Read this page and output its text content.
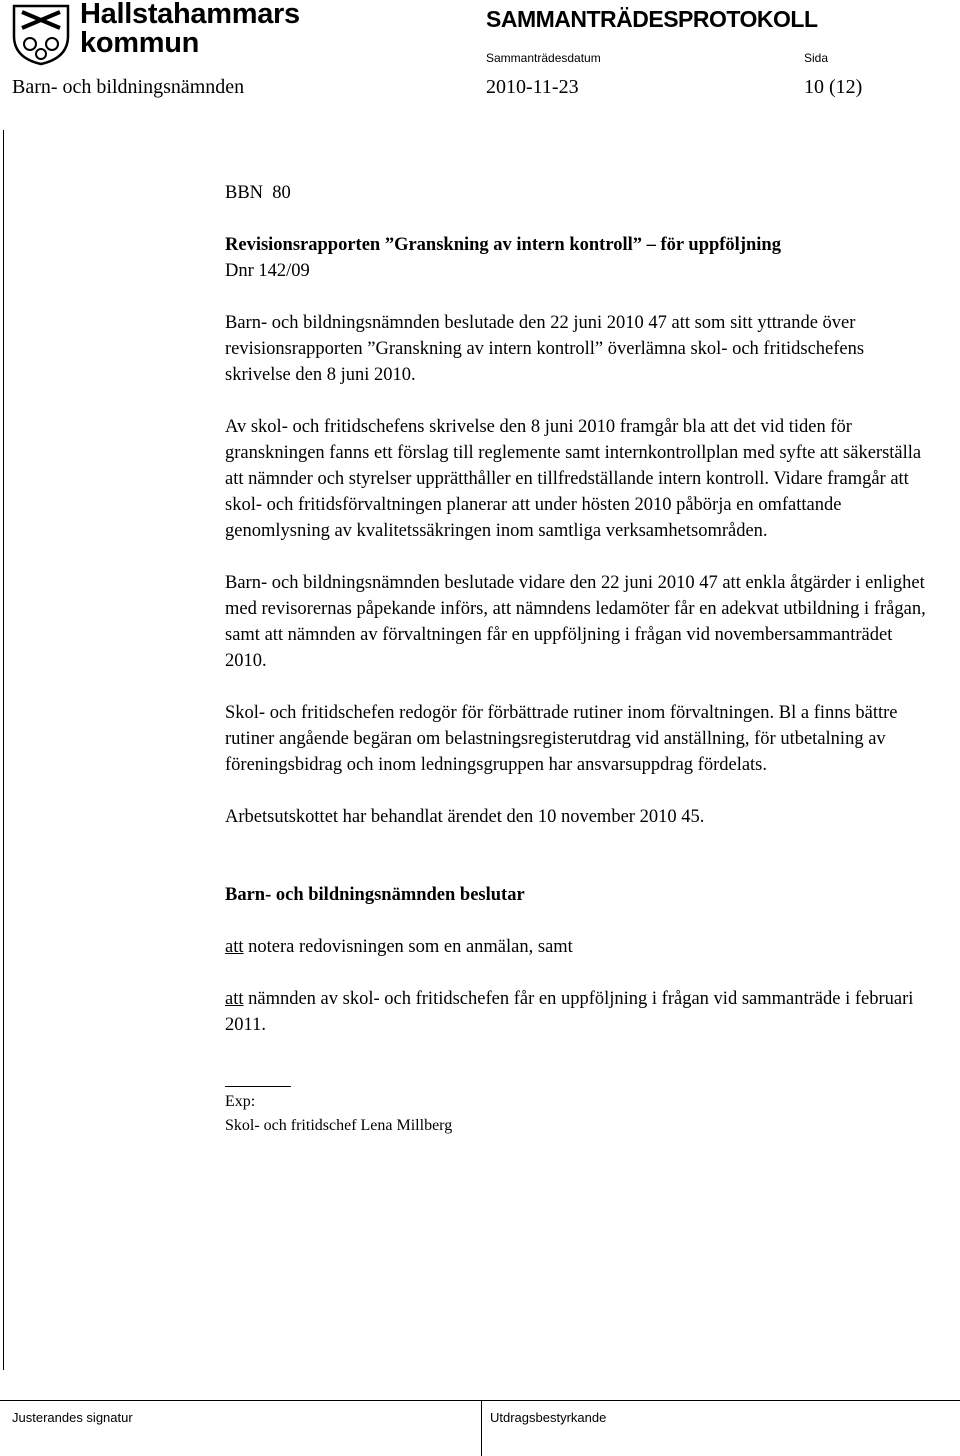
Hallstahammars
kommun
SAMMANTRÄDESPROTOKOLL
Sammanträdesdatum	Sida
Barn- och bildningsnämnden	2010-11-23	10 (12)

BBN  80

Revisionsrapporten ”Granskning av intern kontroll” – för uppföljning

Dnr 142/09

Barn- och bildningsnämnden beslutade den 22 juni 2010 47 att som sitt yttrande över revisionsrapporten ”Granskning av intern kontroll” överlämna skol- och fritidschefens skrivelse den 8 juni 2010.

Av skol- och fritidschefens skrivelse den 8 juni 2010 framgår bla att det vid tiden för granskningen fanns ett förslag till reglemente samt internkontrollplan med syfte att säkerställa att nämnder och styrelser upprätthåller en tillfredställande intern kontroll. Vidare framgår att skol- och fritidsförvaltningen planerar att under hösten 2010 påbörja en omfattande genomlysning av kvalitetssäkringen inom samtliga verksamhetsområden.

Barn- och bildningsnämnden beslutade vidare den 22 juni 2010 47 att enkla åtgärder i enlighet med revisorernas påpekande införs, att nämndens ledamöter får en adekvat utbildning i frågan, samt att nämnden av förvaltningen får en uppföljning i frågan vid novembersammanträdet 2010.

Skol- och fritidschefen redogör för förbättrade rutiner inom förvaltningen. Bl a finns bättre rutiner angående begäran om belastningsregisterutdrag vid anställning, för utbetalning av föreningsbidrag och inom ledningsgruppen har ansvarsuppdrag fördelats.

Arbetsutskottet har behandlat ärendet den 10 november 2010 45.

Barn- och bildningsnämnden beslutar

att notera redovisningen som en anmälan, samt

att nämnden av skol- och fritidschefen får en uppföljning i frågan vid sammanträde i februari 2011.

Exp:

Skol- och fritidschef Lena Millberg

Justerandes signatur	Utdragsbestyrkande
